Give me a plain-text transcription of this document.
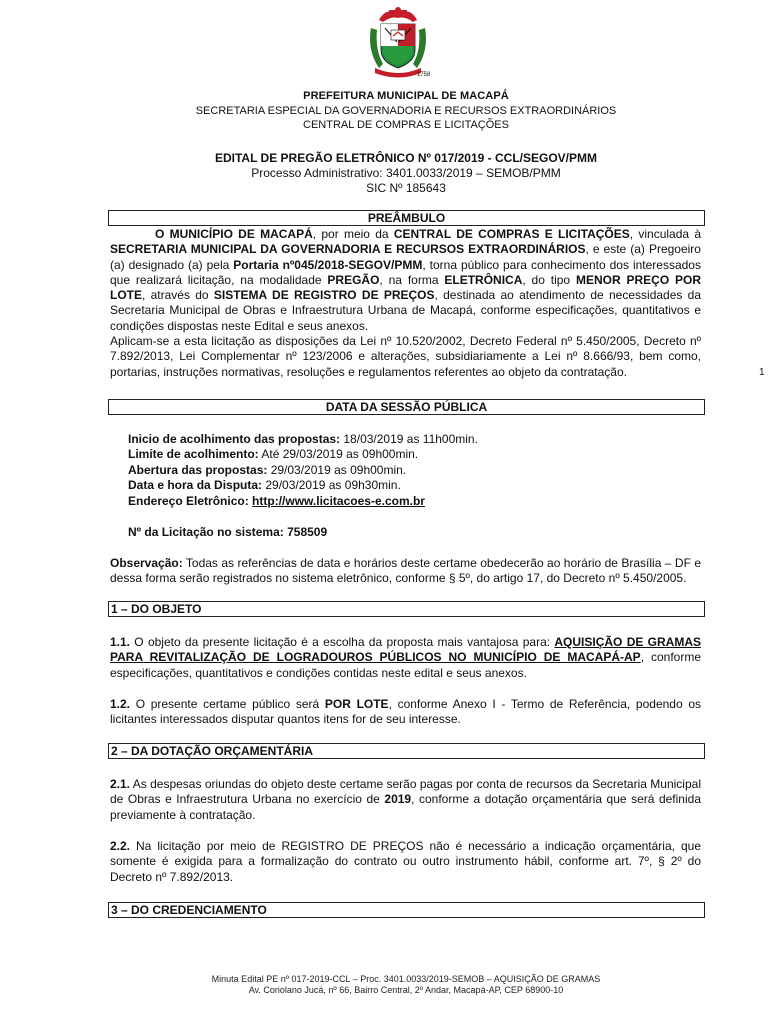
1758
PREFEITURA MUNICIPAL DE MACAPÁ
SECRETARIA ESPECIAL DA GOVERNADORIA E RECURSOS EXTRAORDINÁRIOS
CENTRAL DE COMPRAS E LICITAÇÕES
EDITAL DE PREGÃO ELETRÔNICO Nº 017/2019 - CCL/SEGOV/PMM
Processo Administrativo: 3401.0033/2019 – SEMOB/PMM
SIC Nº 185643
PREÂMBULO

O MUNICÍPIO DE MACAPÁ, por meio da CENTRAL DE COMPRAS E LICITAÇÕES, vinculada à SECRETARIA MUNICIPAL DA GOVERNADORIA E RECURSOS EXTRAORDINÁRIOS, e este (a) Pregoeiro (a) designado (a) pela Portaria nº045/2018-SEGOV/PMM, torna público para conhecimento dos interessados que realizará licitação, na modalidade PREGÃO, na forma ELETRÔNICA, do tipo MENOR PREÇO POR LOTE, através do SISTEMA DE REGISTRO DE PREÇOS, destinada ao atendimento de necessidades da Secretaria Municipal de Obras e Infraestrutura Urbana de Macapá, conforme especificações, quantitativos e condições dispostas neste Edital e seus anexos.

Aplicam-se a esta licitação as disposições da Lei nº 10.520/2002, Decreto Federal nº 5.450/2005, Decreto nº 7.892/2013, Lei Complementar nº 123/2006 e alterações, subsidiariamente a Lei nº 8.666/93, bem como, portarias, instruções normativas, resoluções e regulamentos referentes ao objeto da contratação.	1
DATA DA SESSÃO PÚBLICA
Inicio de acolhimento das propostas: 18/03/2019 as 11h00min.
Limite de acolhimento: Até 29/03/2019 as 09h00min.
Abertura das propostas: 29/03/2019 as 09h00min.
Data e hora da Disputa: 29/03/2019 as 09h30min.
Endereço Eletrônico: http://www.licitacoes-e.com.br
Nº da Licitação no sistema: 758509

Observação: Todas as referências de data e horários deste certame obedecerão ao horário de Brasília – DF e dessa forma serão registrados no sistema eletrônico, conforme § 5º, do artigo 17, do Decreto nº 5.450/2005.

1 – DO OBJETO

1.1. O objeto da presente licitação é a escolha da proposta mais vantajosa para: AQUISIÇÃO DE GRAMAS PARA REVITALIZAÇÃO DE LOGRADOUROS PÚBLICOS NO MUNICÍPIO DE MACAPÁ-AP, conforme especificações, quantitativos e condições contidas neste edital e seus anexos.

1.2. O presente certame público será POR LOTE, conforme Anexo I - Termo de Referência, podendo os licitantes interessados disputar quantos itens for de seu interesse.

2 – DA DOTAÇÃO ORÇAMENTÁRIA

2.1. As despesas oriundas do objeto deste certame serão pagas por conta de recursos da Secretaria Municipal de Obras e Infraestrutura Urbana no exercício de 2019, conforme a dotação orçamentária que será definida previamente à contratação.

2.2. Na licitação por meio de REGISTRO DE PREÇOS não é necessário a indicação orçamentária, que somente é exigida para a formalização do contrato ou outro instrumento hábil, conforme art. 7º, § 2º do Decreto nº 7.892/2013.

3 – DO CREDENCIAMENTO
Minuta Edital PE nº 017-2019-CCL – Proc. 3401.0033/2019-SEMOB – AQUISIÇÃO DE GRAMAS
Av. Coriolano Jucá, nº 66, Bairro Central, 2º Andar, Macapá-AP, CEP 68900-10
